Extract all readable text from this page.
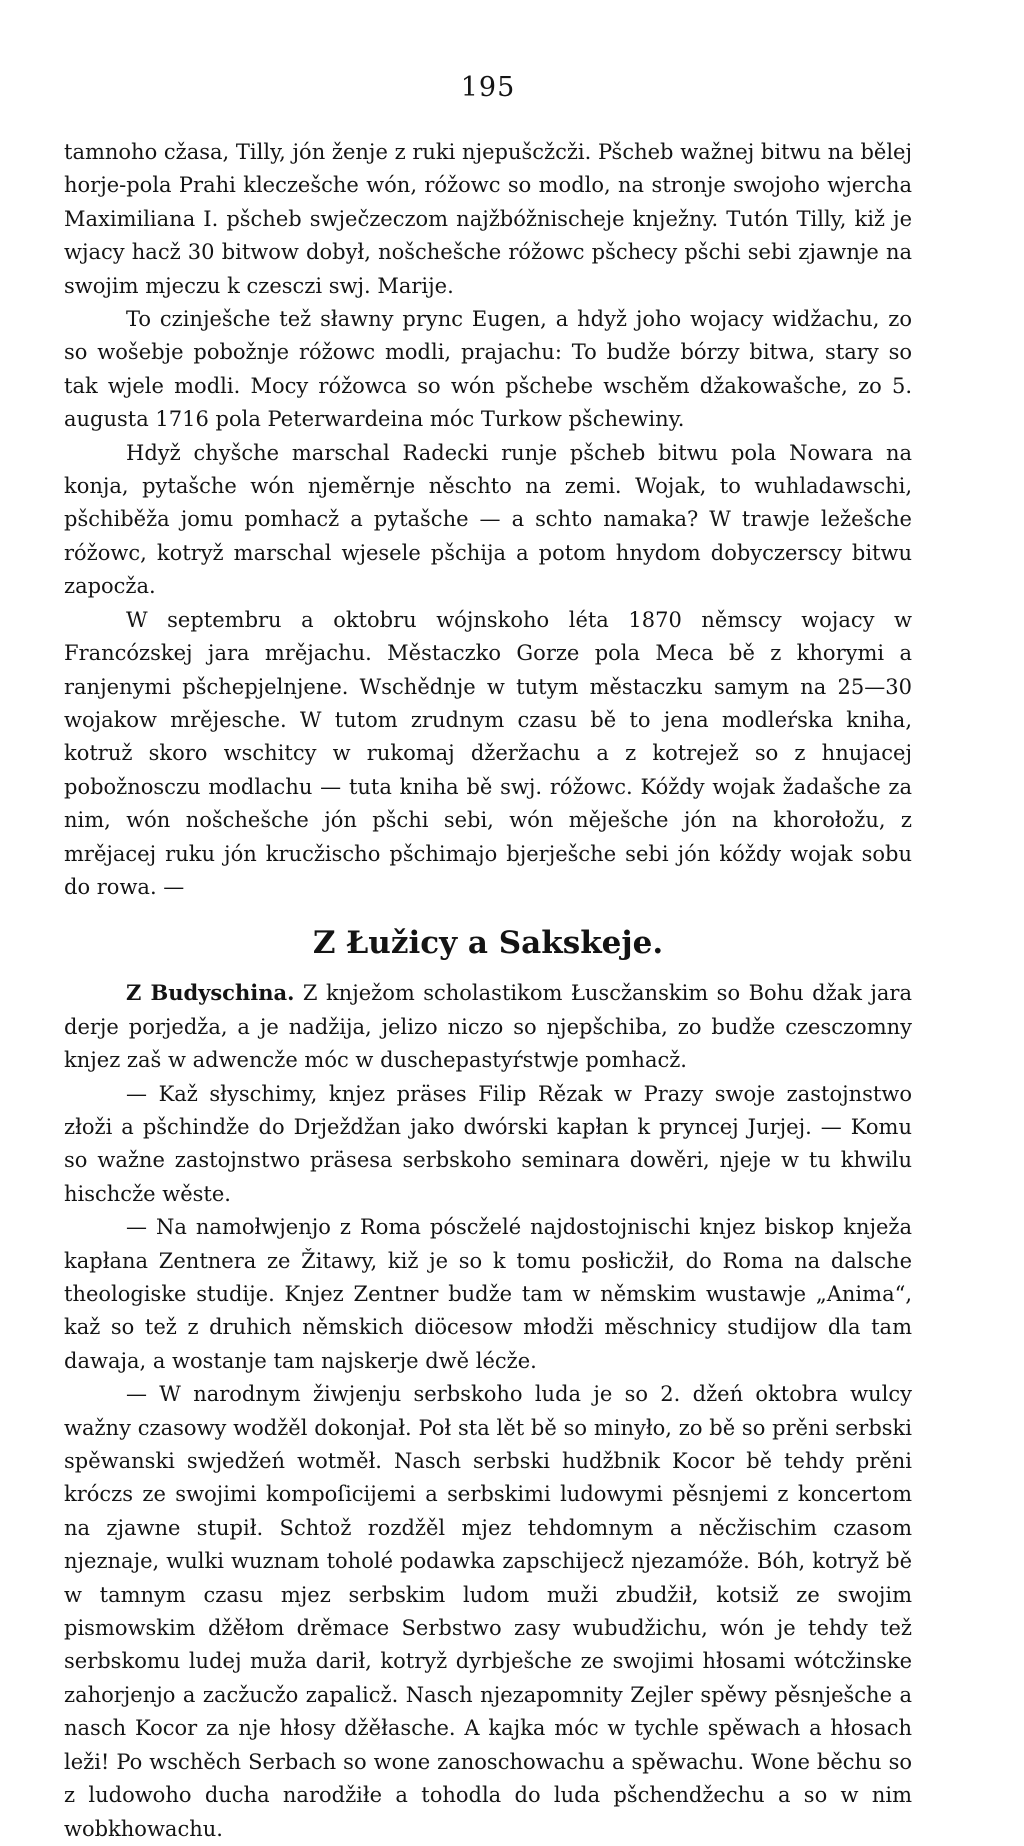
195

tamnoho cžasa, Tilly, jón ženje z ruki njepušcžcži. Pšcheb wažnej bitwu na bělej horje-pola Prahi kleczešche wón, róžowc so modlo, na stronje swojoho wjercha Maximiliana I. pšcheb swječzeczom najžbóžnischeje knježny. Tutón Tilly, kiž je wjacy hacž 30 bitwow dobył, nošchešche róžowc pšchecy pšchi sebi zjawnje na swojim mjeczu k czesczi swj. Marije.

To czinješche tež sławny prync Eugen, a hdyž joho wojacy widžachu, zo so wošebje pobožnje róžowc modli, prajachu: To budže bórzy bitwa, stary so tak wjele modli. Mocy róžowca so wón pšchebe wschěm džakowašche, zo 5. augusta 1716 pola Peterwardeina móc Turkow pšchewiny.

Hdyž chyšche marschal Radecki runje pšcheb bitwu pola Nowara na konja, pytašche wón njeměrnje něschto na zemi. Wojak, to wuhladawschi, pšchiběža jomu pomhacž a pytašche — a schto namaka? W trawje ležešche róžowc, kotryž marschal wjesele pšchija a potom hnydom dobyczerscy bitwu zapocža.

W septembru a oktobru wójnskoho léta 1870 němscy wojacy w Francózskej jara mrějachu. Městaczko Gorze pola Meca bě z khorymi a ranjenymi pšchepjelnjene. Wschědnje w tutym městaczku samym na 25—30 wojakow mrějesche. W tutom zrudnym czasu bě to jena modleŕska kniha, kotruž skoro wschitcy w rukomaj džeržachu a z kotrejež so z hnujacej pobožnosczu modlachu — tuta kniha bě swj. róžowc. Kóždy wojak žadašche za nim, wón nošchešche jón pšchi sebi, wón měješche jón na khorołožu, z mrějacej ruku jón krucžischo pšchimajo bjerješche sebi jón kóždy wojak sobu do rowa. —

Z Łužicy a Sakskeje.

Z Budyschina. Z knježom scholastikom Łuscžanskim so Bohu džak jara derje porjedža, a je nadžija, jelizo niczo so njepšchiba, zo budže czesczomny knjez zaš w adwencže móc w duschepastyŕstwje pomhacž.

— Kaž słyschimy, knjez präses Filip Rězak w Prazy swoje zastojnstwo złoži a pšchindže do Drježdžan jako dwórski kapłan k pryncej Jurjej. — Komu so wažne zastojnstwo präsesa serbskoho seminara dowěri, njeje w tu khwilu hischcže wěste.

— Na namołwjenjo z Roma póscželé najdostojnischi knjez biskop knježa kapłana Zentnera ze Žitawy, kiž je so k tomu posłicžił, do Roma na dalsche theologiske studije. Knjez Zentner budže tam w němskim wustawje „Anima“, kaž so tež z druhich němskich diöcesow młodži měschnicy studijow dla tam dawaja, a wostanje tam najskerje dwě lécže.

— W narodnym žiwjenju serbskoho luda je so 2. džeń oktobra wulcy wažny czasowy wodžěl dokonjał. Poł sta lět bě so minyło, zo bě so prěni serbski spěwanski swjedžeń wotměł. Nasch serbski hudžbnik Kocor bě tehdy prěni króczs ze swojimi kompoſicijemi a serbskimi ludowymi pěsnjemi z koncertom na zjawne stupił. Schtož rozdžěl mjez tehdomnym a něcžischim czasom njeznaje, wulki wuznam toholé podawka zapschijecž njezamóže. Bóh, kotryž bě w tamnym czasu mjez serbskim ludom muži zbudžił, kotsiž ze swojim pismowskim džěłom drěmace Serbstwo zasy wubudžichu, wón je tehdy tež serbskomu ludej muža darił, kotryž dyrbješche ze swojimi hłosami wótcžinske zahorjenjo a zacžucžo zapalicž. Nasch njezapomnity Zejler spěwy pěsnješche a nasch Kocor za nje hłosy džěłasche. A kajka móc w tychle spěwach a hłosach leži! Po wschěch Serbach so wone zanoschowachu a spěwachu. Wone běchu so z ludowoho ducha narodžiłe a tohodla do luda pšchendžechu a so w nim wobkhowachu.
